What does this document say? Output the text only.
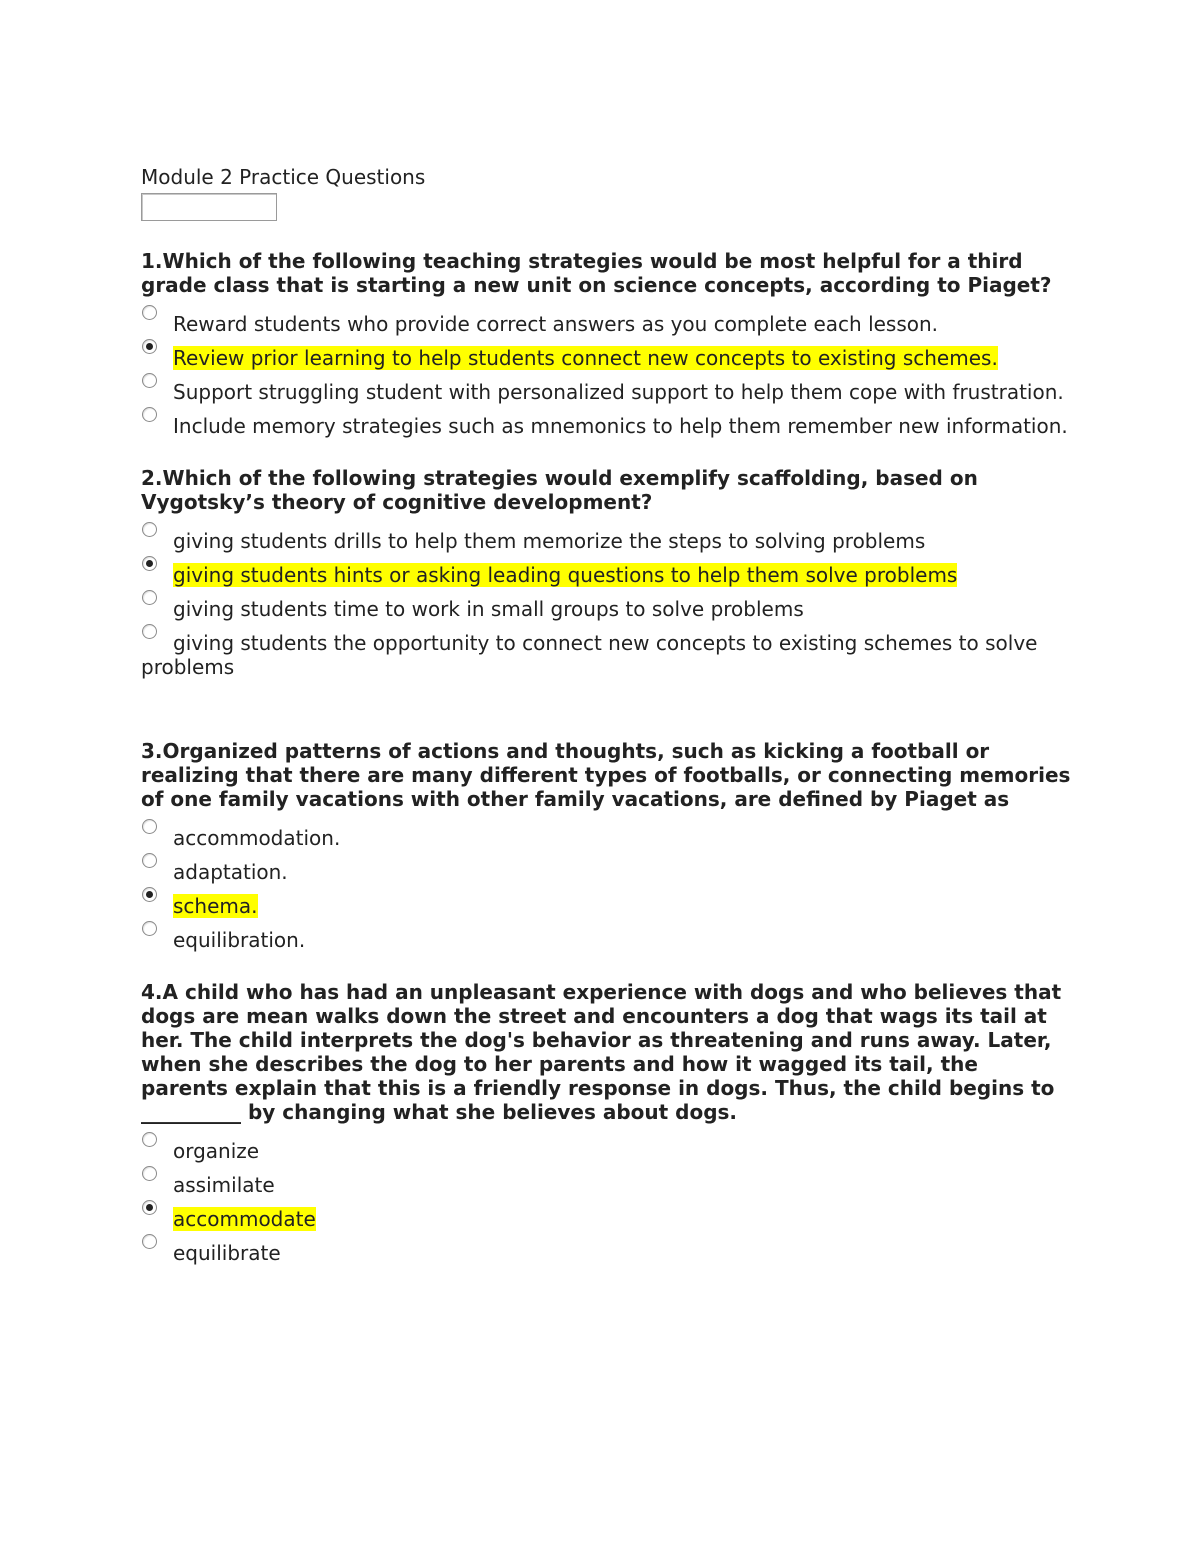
Module 2 Practice Questions

1.Which of the following teaching strategies would be most helpful for a third grade class that is starting a new unit on science concepts, according to Piaget?

Reward students who provide correct answers as you complete each lesson.
Review prior learning to help students connect new concepts to existing schemes.
Support struggling student with personalized support to help them cope with frustration.
Include memory strategies such as mnemonics to help them remember new information.

2.Which of the following strategies would exemplify scaffolding, based on Vygotsky’s theory of cognitive development?

giving students drills to help them memorize the steps to solving problems
giving students hints or asking leading questions to help them solve problems
giving students time to work in small groups to solve problems
giving students the opportunity to connect new concepts to existing schemes to solve problems

3.Organized patterns of actions and thoughts, such as kicking a football or realizing that there are many different types of footballs, or connecting memories of one family vacations with other family vacations, are defined by Piaget as

accommodation.
adaptation.
schema.
equilibration.

4.A child who has had an unpleasant experience with dogs and who believes that dogs are mean walks down the street and encounters a dog that wags its tail at her. The child interprets the dog's behavior as threatening and runs away. Later, when she describes the dog to her parents and how it wagged its tail, the parents explain that this is a friendly response in dogs. Thus, the child begins to __________ by changing what she believes about dogs.

organize
assimilate
accommodate
equilibrate
